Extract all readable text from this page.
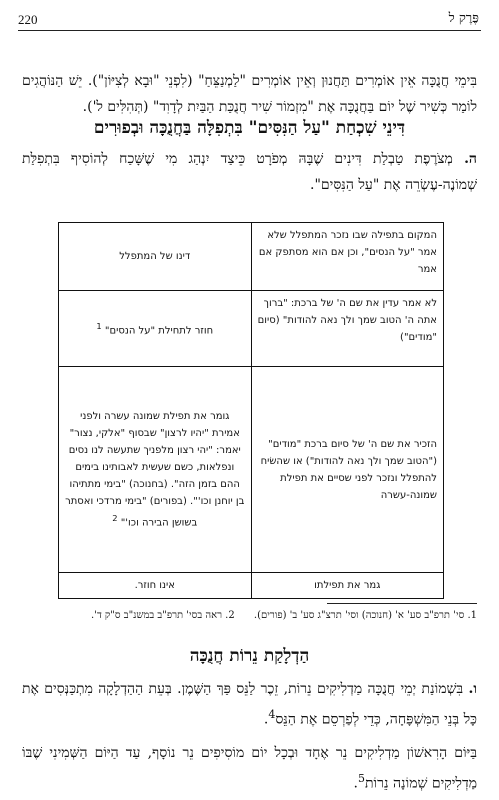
220	פֶּרֶק ל
בִּימֵי חֲנֻכָּה אֵין אוֹמְרִים תַּחֲנוּן וְאֵין אוֹמְרִים "לַמְנַצֵּחַ" (לִפְנֵי "וּבָא לְצִיּוֹן"). יֵשׁ הַנּוֹהֲגִים לוֹמַר כְּשִׁיר שֶׁל יוֹם בַּחֲנֻכָּה אֶת "מִזְמוֹר שִׁיר חֲנֻכַּת הַבַּיִת לְדָוִד" (תְּהִלִּים ל').
דִּינֵי שִׁכְחַת "עַל הַנִּסִּים" בִּתְפִלָּה בַּחֲנֻכָּה וּבְפוּרִים
ה. מְצֹרֶפֶת טַבְלַת דִּינִים שֶׁבָּהּ מְפֹרָט כֵּיצַד יִנְהַג מִי שֶׁשָּׁכַח לְהוֹסִיף בִּתְפִלַּת שְׁמוֹנֶה-עֶשְׂרֵה אֶת "עַל הַנִּסִּים".
המקום בתפילה שבו נזכר המתפלל שלא אמר "על הנסים", וכן אם הוא מסתפק אם אמר	דינו של המתפלל
לא אמר עדין את שם ה' של ברכת: "ברוך אתה ה' הטוב שמך ולך נאה להודות" (סיום "מודים")	חוזר לתחילת "על הנסים" $^1$
הזכיר את שם ה' של סיום ברכת "מודים" ("הטוב שמך ולך נאה להודות") או שהשׂיח להתפלל ונזכר לפני שסיים את תפילת שמונה-עשרה	גומר את תפילת שמונה עשרה ולפני אמירת "יהיו לרצון" שבסוף "אלקי, נצור" יאמר: "יהי רצון מלפניך שתעשה לנו נסים ונפלאות, כשם שעשית לאבותינו בימים ההם בזמן הזה". (בחנוכה) "בימי מתתיהו בן יוחנן וכו'". (בפורים) "בימי מרדכי ואסתר בשושן הבירה וכו'" $^2$
גמר את תפילתו	אינו חוזר.
1. סי' תרפ"ב סע' א' (חנוכה) וסי' תרצ"ג סע' ב' (פורים). 2. ראה בסי' תרפ"ב במשנ"ב ס"ק ד'.
הַדְלָקַת נֵרוֹת חֲנֻכָּה
ו. בִּשְׁמוֹנַת יְמֵי חֲנֻכָּה מַדְלִיקִים נֵרוֹת, זֵכֶר לַנֵּס פַּךְ הַשֶּׁמֶן. בְּעֵת הַהַדְלָקָה מִתְכַּנְּסִים אֶת כָּל בְּנֵי הַמִּשְׁפָּחָה, כְּדֵי לְפַרְסֵם אֶת הַנֵּס$^4$.
בַּיּוֹם הָרִאשׁוֹן מַדְלִיקִים נֵר אֶחָד וּבְכָל יוֹם מוֹסִיפִים נֵר נוֹסָף, עַד הַיּוֹם הַשְּׁמִינִי שֶׁבּוֹ מַדְלִיקִים שְׁמוֹנָה נֵרוֹת$^5$.
